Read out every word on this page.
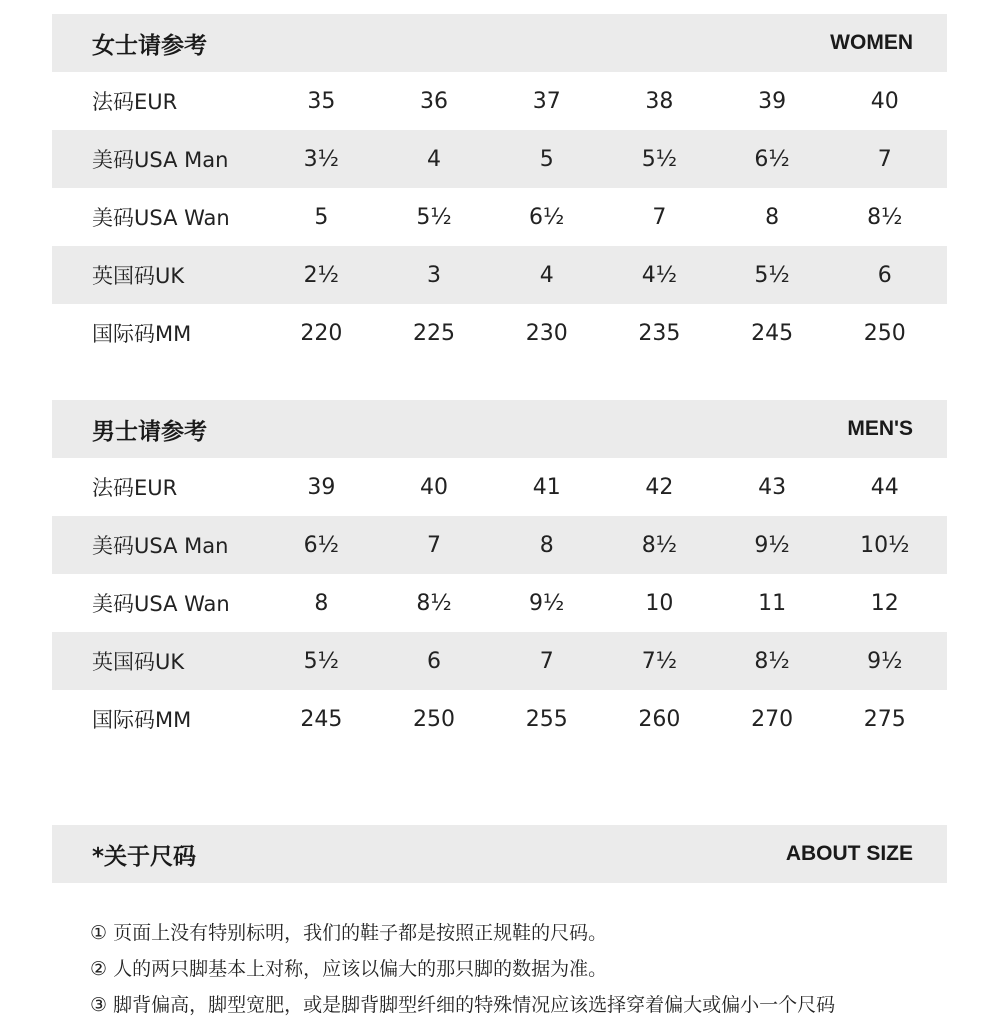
女士请参考	WOMEN
法码EUR	35	36	37	38	39	40
美码USA Man	3½	4	5	5½	6½	7
美码USA Wan	5	5½	6½	7	8	8½
英国码UK	2½	3	4	4½	5½	6
国际码MM	220	225	230	235	245	250
男士请参考	MEN'S
法码EUR	39	40	41	42	43	44
美码USA Man	6½	7	8	8½	9½	10½
美码USA Wan	8	8½	9½	10	11	12
英国码UK	5½	6	7	7½	8½	9½
国际码MM	245	250	255	260	270	275
*关于尺码	ABOUT SIZE
① 页面上没有特别标明，我们的鞋子都是按照正规鞋的尺码。
② 人的两只脚基本上对称，应该以偏大的那只脚的数据为准。
③ 脚背偏高，脚型宽肥，或是脚背脚型纤细的特殊情况应该选择穿着偏大或偏小一个尺码
